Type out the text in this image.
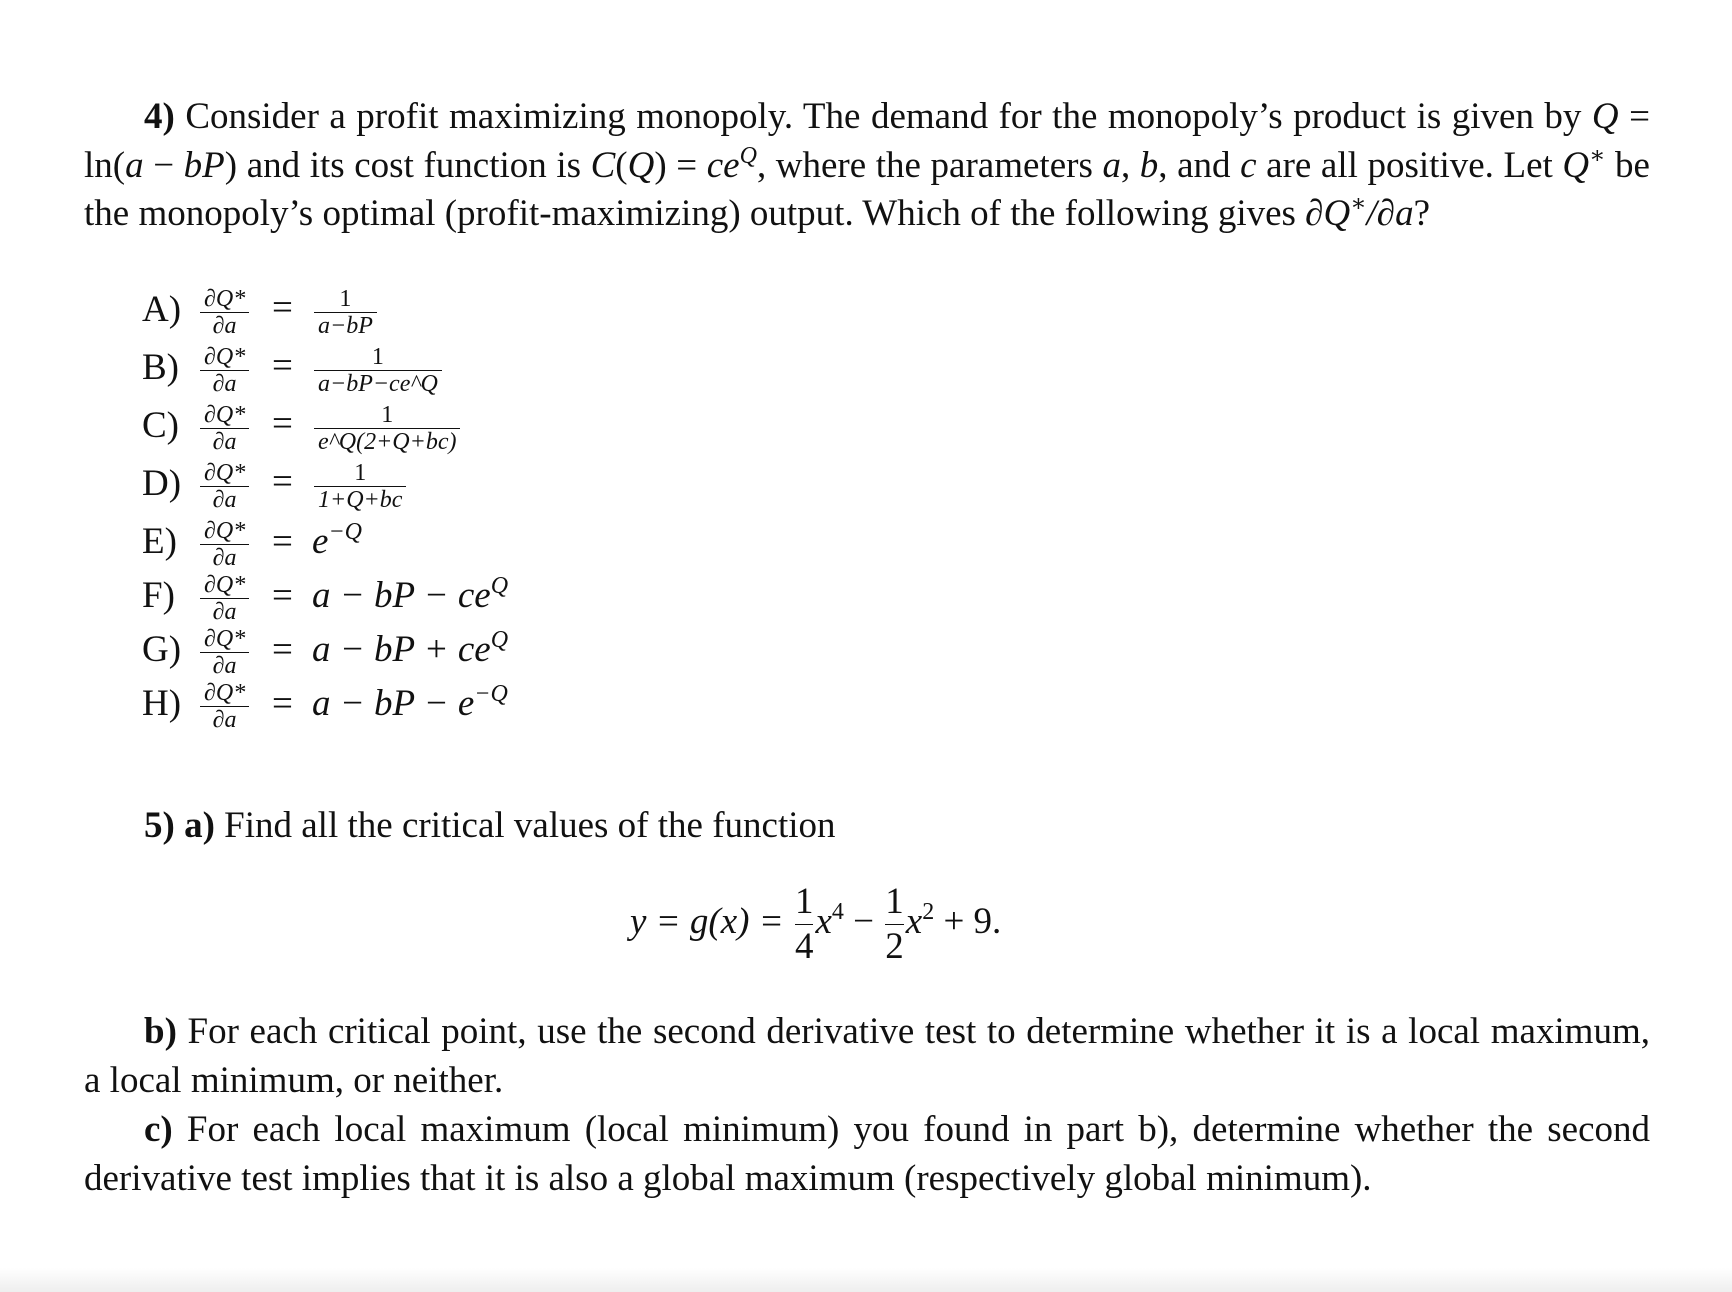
4) Consider a profit maximizing monopoly. The demand for the monopoly’s product is given by Q = ln(a − bP) and its cost function is $C(Q) = ce^Q$, where the parameters a, b, and c are all positive. Let Q∗ be the monopoly’s optimal (profit-maximizing) output. Which of the following gives ∂Q∗/∂a?
A) ∂Q*
∂a =	1
a−bP
B) ∂Q*
∂a =	1
a−bP−ce^Q
C) ∂Q*
∂a =	1
e^Q(2+Q+bc)
D) ∂Q*
∂a =	1
1+Q+bc
E) ∂Q*
$\partial a = e^{-Q}$
F) ∂Q*
∂a = a − bP − $ce^Q$
G) ∂Q*
∂a = a − bP + $ce^Q$
H) ∂Q*
∂a = a − bP − $e^{-Q}$
5) a) Find all the critical values of the function
$y = g(x) = \frac{1}{4}x^4 - \frac{1}{2}x^2 + 9$.
b) For each critical point, use the second derivative test to determine whether it is a local maximum, a local minimum, or neither.
c) For each local maximum (local minimum) you found in part b), determine whether the second derivative test implies that it is also a global maximum (respectively global minimum).
